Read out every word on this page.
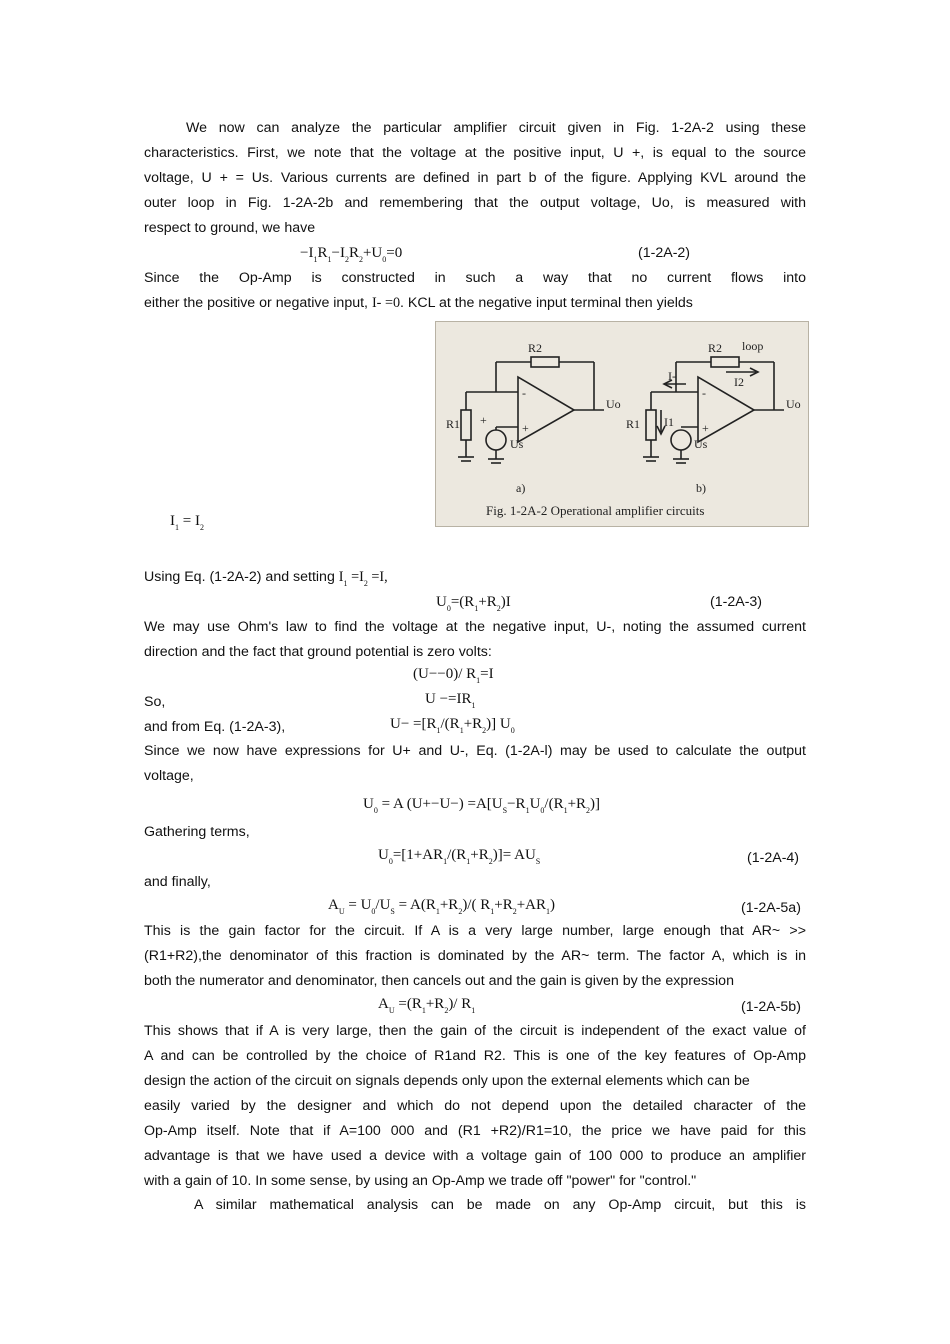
We now can analyze the particular amplifier circuit given in Fig. 1-2A-2 using these
characteristics. First, we note that the voltage at the positive input, U +, is equal to the source
voltage, U + = Us. Various currents are defined in part b of the figure. Applying KVL around the
outer loop in Fig. 1-2A-2b and remembering that the output voltage, Uo, is measured with
respect to ground, we have
$-I_1R_1-I_2R_2+U_0=0$	(1-2A-2)
Since the Op-Amp is constructed in such a way that no current flows into
either the positive or negative input, I- =0. KCL at the negative input terminal then yields
R2
R1
Uo
Us
-
+
+
a)
R2 loop
I2
I-
R1 I1
Uo
Us
-
+
b)
Fig. 1-2A-2 Operational amplifier circuits
$I_1 = I_2$
Using Eq. (1-2A-2) and setting $I_1 =I_2 =I$,
$U_0=(R_1+R_2)I$	(1-2A-3)
We may use Ohm's law to find the voltage at the negative input, U-, noting the assumed current
direction and the fact that ground potential is zero volts:
(U−−0)/ $R_1=I$
So,	$U -=IR_1$
and from Eq. (1-2A-3),	$U- =[R_1/(R_1+R_2)]$ $U_0$
Since we now have expressions for U+ and U-, Eq. (1-2A-l) may be used to calculate the output
voltage,
$U_0 = A$ $(U+-U-) =A[U_S-R_1U_0/(R_1+R_2)]$
Gathering terms,
$U_0=[1+AR_1/(R_1+R_2)]= AU_S$	(1-2A-4)
and finally,
$A_U = U_0/U_S = A(R_1+R_2)/$( $R_1+R_2+AR_1$)	(1-2A-5a)
This is the gain factor for the circuit. If A is a very large number, large enough that AR~ >>
(R1+R2),the denominator of this fraction is dominated by the AR~ term. The factor A, which is in
both the numerator and denominator, then cancels out and the gain is given by the expression
$A_U =(R_1+R_2)/$ $R_1$	(1-2A-5b)
This shows that if A is very large, then the gain of the circuit is independent of the exact value of
A and can be controlled by the choice of R1and R2. This is one of the key features of Op-Amp
design the action of the circuit on signals depends only upon the external elements which can be
easily varied by the designer and which do not depend upon the detailed character of the
Op-Amp itself. Note that if A=100 000 and (R1 +R2)/R1=10, the price we have paid for this
advantage is that we have used a device with a voltage gain of 100 000 to produce an amplifier
with a gain of 10. In some sense, by using an Op-Amp we trade off "power" for "control."
A similar mathematical analysis can be made on any Op-Amp circuit, but this is
